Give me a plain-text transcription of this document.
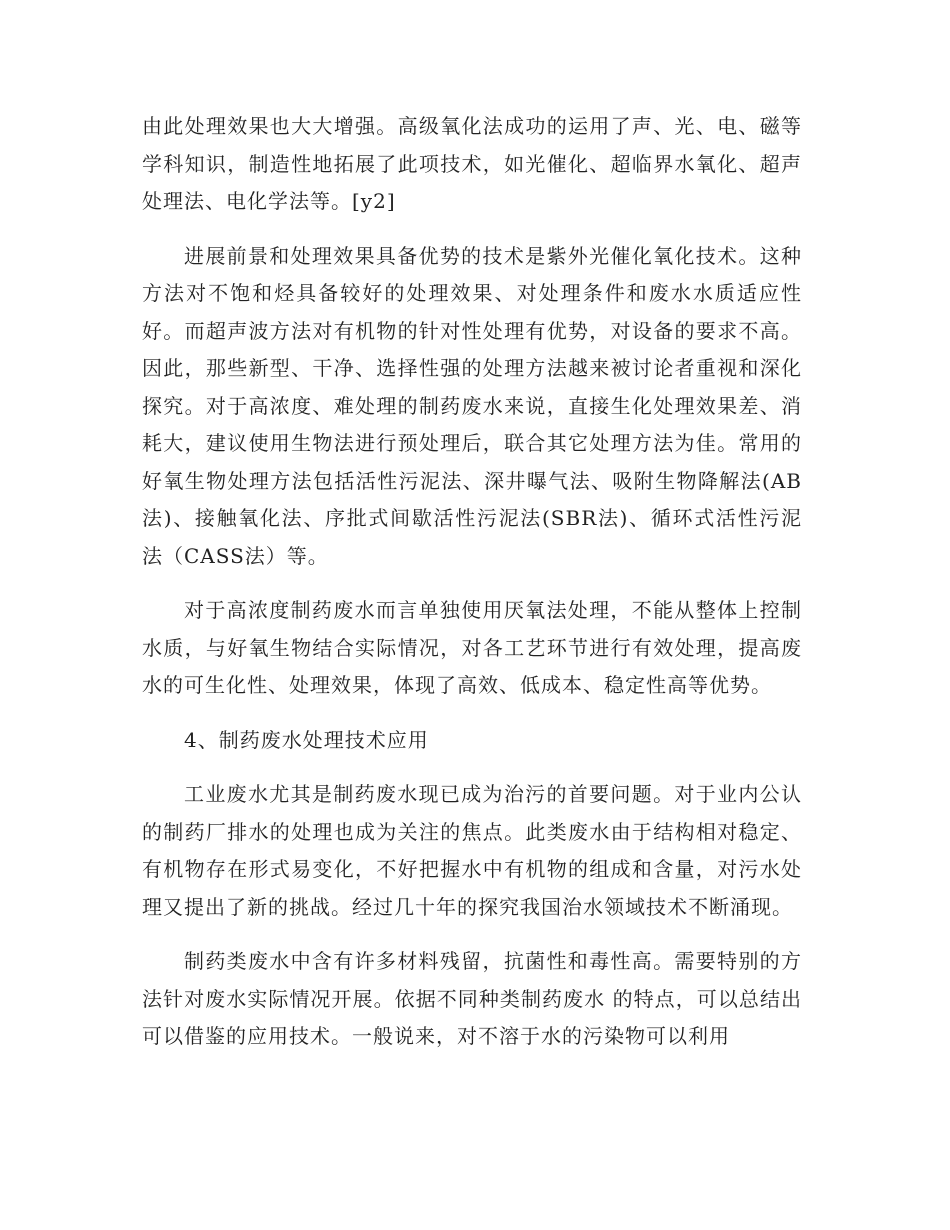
由此处理效果也大大增强。高级氧化法成功的运用了声、光、电、磁等学科知识，制造性地拓展了此项技术，如光催化、超临界水氧化、超声处理法、电化学法等。[y2]

进展前景和处理效果具备优势的技术是紫外光催化氧化技术。这种方法对不饱和烃具备较好的处理效果、对处理条件和废水水质适应性好。而超声波方法对有机物的针对性处理有优势，对设备的要求不高。因此，那些新型、干净、选择性强的处理方法越来被讨论者重视和深化探究。对于高浓度、难处理的制药废水来说，直接生化处理效果差、消耗大，建议使用生物法进行预处理后，联合其它处理方法为佳。常用的好氧生物处理方法包括活性污泥法、深井曝气法、吸附生物降解法(AB法)、接触氧化法、序批式间歇活性污泥法(SBR法)、循环式活性污泥法（CASS法）等。

对于高浓度制药废水而言单独使用厌氧法处理，不能从整体上控制水质，与好氧生物结合实际情况，对各工艺环节进行有效处理，提高废水的可生化性、处理效果，体现了高效、低成本、稳定性高等优势。

4、制药废水处理技术应用

工业废水尤其是制药废水现已成为治污的首要问题。对于业内公认的制药厂排水的处理也成为关注的焦点。此类废水由于结构相对稳定、有机物存在形式易变化，不好把握水中有机物的组成和含量，对污水处理又提出了新的挑战。经过几十年的探究我国治水领域技术不断涌现。

制药类废水中含有许多材料残留，抗菌性和毒性高。需要特别的方法针对废水实际情况开展。依据不同种类制药废水 的特点，可以总结出可以借鉴的应用技术。一般说来，对不溶于水的污染物可以利用
